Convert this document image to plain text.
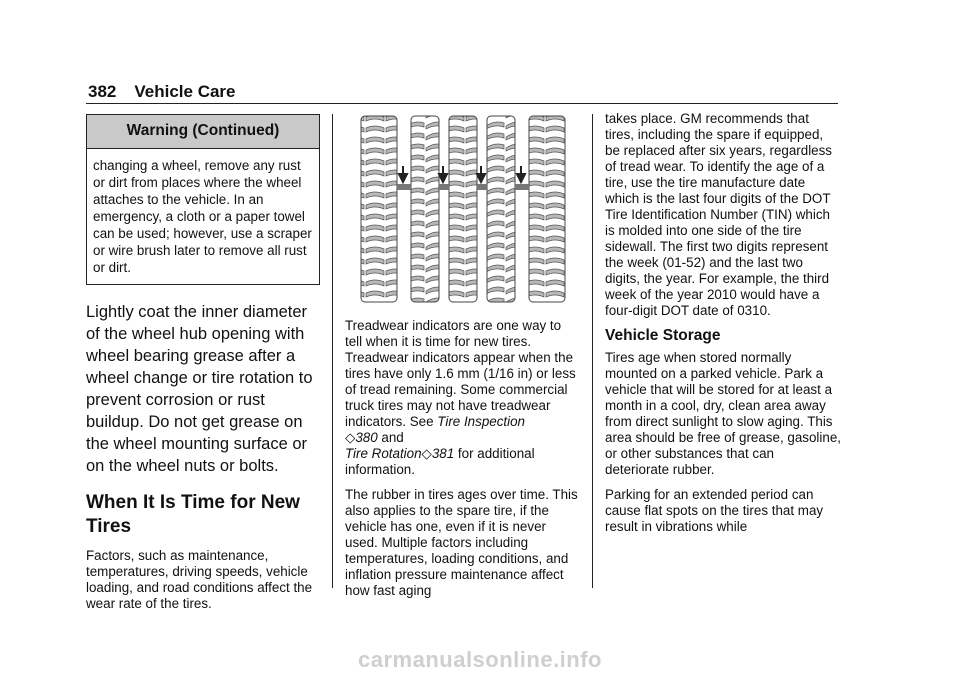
382 Vehicle Care
Warning (Continued)
changing a wheel, remove any rust or dirt from places where the wheel attaches to the vehicle. In an emergency, a cloth or a paper towel can be used; however, use a scraper or wire brush later to remove all rust or dirt.
Lightly coat the inner diameter of the wheel hub opening with wheel bearing grease after a wheel change or tire rotation to prevent corrosion or rust buildup. Do not get grease on the wheel mounting surface or on the wheel nuts or bolts.
When It Is Time for New Tires
Factors, such as maintenance, temperatures, driving speeds, vehicle loading, and road conditions affect the wear rate of the tires.
Treadwear indicators are one way to tell when it is time for new tires. Treadwear indicators appear when the tires have only 1.6 mm (1/16 in) or less of tread remaining. Some commercial truck tires may not have treadwear indicators. See Tire Inspection
◇380 and
Tire Rotation◇381 for additional information.
The rubber in tires ages over time. This also applies to the spare tire, if the vehicle has one, even if it is never used. Multiple factors including temperatures, loading conditions, and inflation pressure maintenance affect how fast aging
takes place. GM recommends that tires, including the spare if equipped, be replaced after six years, regardless of tread wear. To identify the age of a tire, use the tire manufacture date which is the last four digits of the DOT Tire Identification Number (TIN) which is molded into one side of the tire sidewall. The first two digits represent the week (01-52) and the last two digits, the year. For example, the third week of the year 2010 would have a four-digit DOT date of 0310.
Vehicle Storage
Tires age when stored normally mounted on a parked vehicle. Park a vehicle that will be stored for at least a month in a cool, dry, clean area away from direct sunlight to slow aging. This area should be free of grease, gasoline, or other substances that can deteriorate rubber.
Parking for an extended period can cause flat spots on the tires that may result in vibrations while
carmanualsonline.info
